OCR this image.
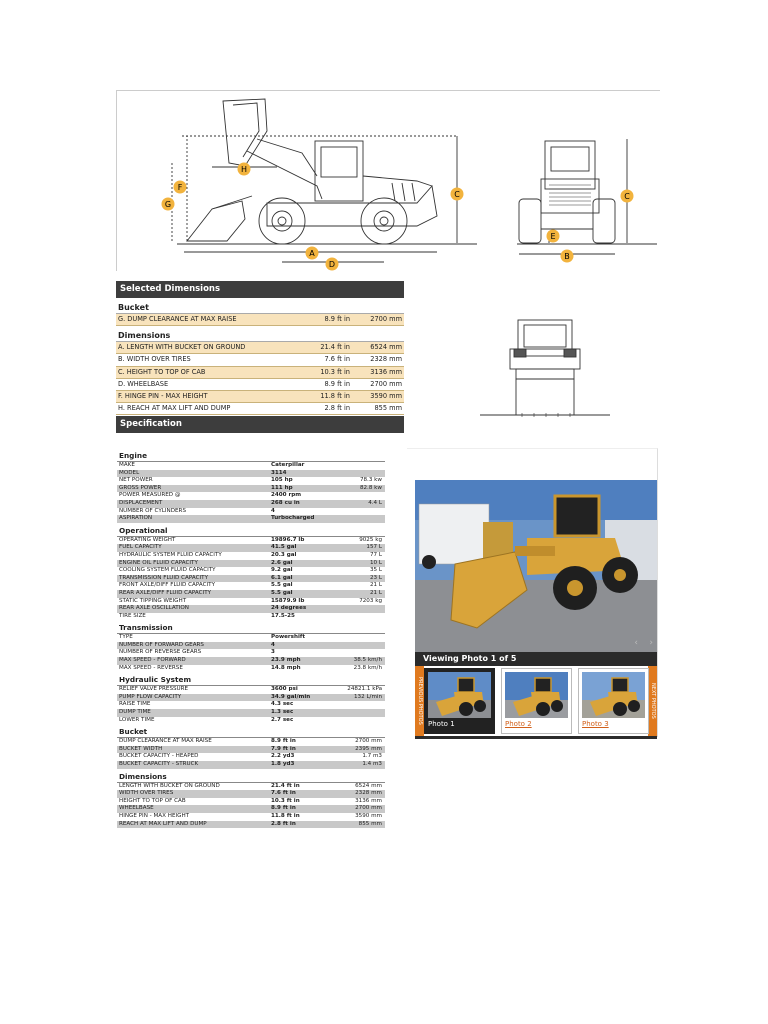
H
F
G
C
A
D
C
E
B
Selected Dimensions
Bucket
G. DUMP CLEARANCE AT MAX RAISE	8.9 ft in	2700 mm
Dimensions
A. LENGTH WITH BUCKET ON GROUND	21.4 ft in	6524 mm
B. WIDTH OVER TIRES	7.6 ft in	2328 mm
C. HEIGHT TO TOP OF CAB	10.3 ft in	3136 mm
D. WHEELBASE	8.9 ft in	2700 mm
F. HINGE PIN - MAX HEIGHT	11.8 ft in	3590 mm
H. REACH AT MAX LIFT AND DUMP	2.8 ft in	855 mm
Specification
Engine
MAKE	Caterpillar
MODEL	3114
NET POWER	105 hp	78.3 kw
GROSS POWER	111 hp	82.8 kw
POWER MEASURED @	2400 rpm
DISPLACEMENT	268 cu in	4.4 L
NUMBER OF CYLINDERS	4
ASPIRATION	Turbocharged
Operational
OPERATING WEIGHT	19896.7 lb	9025 kg
FUEL CAPACITY	41.5 gal	157 L
HYDRAULIC SYSTEM FLUID CAPACITY	20.3 gal	77 L
ENGINE OIL FLUID CAPACITY	2.6 gal	10 L
COOLING SYSTEM FLUID CAPACITY	9.2 gal	35 L
TRANSMISSION FLUID CAPACITY	6.1 gal	23 L
FRONT AXLE/DIFF FLUID CAPACITY	5.5 gal	21 L
REAR AXLE/DIFF FLUID CAPACITY	5.5 gal	21 L
STATIC TIPPING WEIGHT	15879.9 lb	7203 kg
REAR AXLE OSCILLATION	24 degrees
TIRE SIZE	17.5-25
Transmission
TYPE	Powershift
NUMBER OF FORWARD GEARS	4
NUMBER OF REVERSE GEARS	3
MAX SPEED - FORWARD	23.9 mph	38.5 km/h
MAX SPEED - REVERSE	14.8 mph	23.8 km/h
Hydraulic System
RELIEF VALVE PRESSURE	3600 psi	24821.1 kPa
PUMP FLOW CAPACITY	34.9 gal/min	132 L/min
RAISE TIME	4.3 sec
DUMP TIME	1.3 sec
LOWER TIME	2.7 sec
Bucket
DUMP CLEARANCE AT MAX RAISE	8.9 ft in	2700 mm
BUCKET WIDTH	7.9 ft in	2395 mm
BUCKET CAPACITY - HEAPED	2.2 yd3	1.7 m3
BUCKET CAPACITY - STRUCK	1.8 yd3	1.4 m3
Dimensions
LENGTH WITH BUCKET ON GROUND	21.4 ft in	6524 mm
WIDTH OVER TIRES	7.6 ft in	2328 mm
HEIGHT TO TOP OF CAB	10.3 ft in	3136 mm
WHEELBASE	8.9 ft in	2700 mm
HINGE PIN - MAX HEIGHT	11.8 ft in	3590 mm
REACH AT MAX LIFT AND DUMP	2.8 ft in	855 mm
‹ ›
Viewing Photo 1 of 5
PREVIOUS PHOTOS	NEXT PHOTOS
Photo 1	Photo 2	Photo 3
